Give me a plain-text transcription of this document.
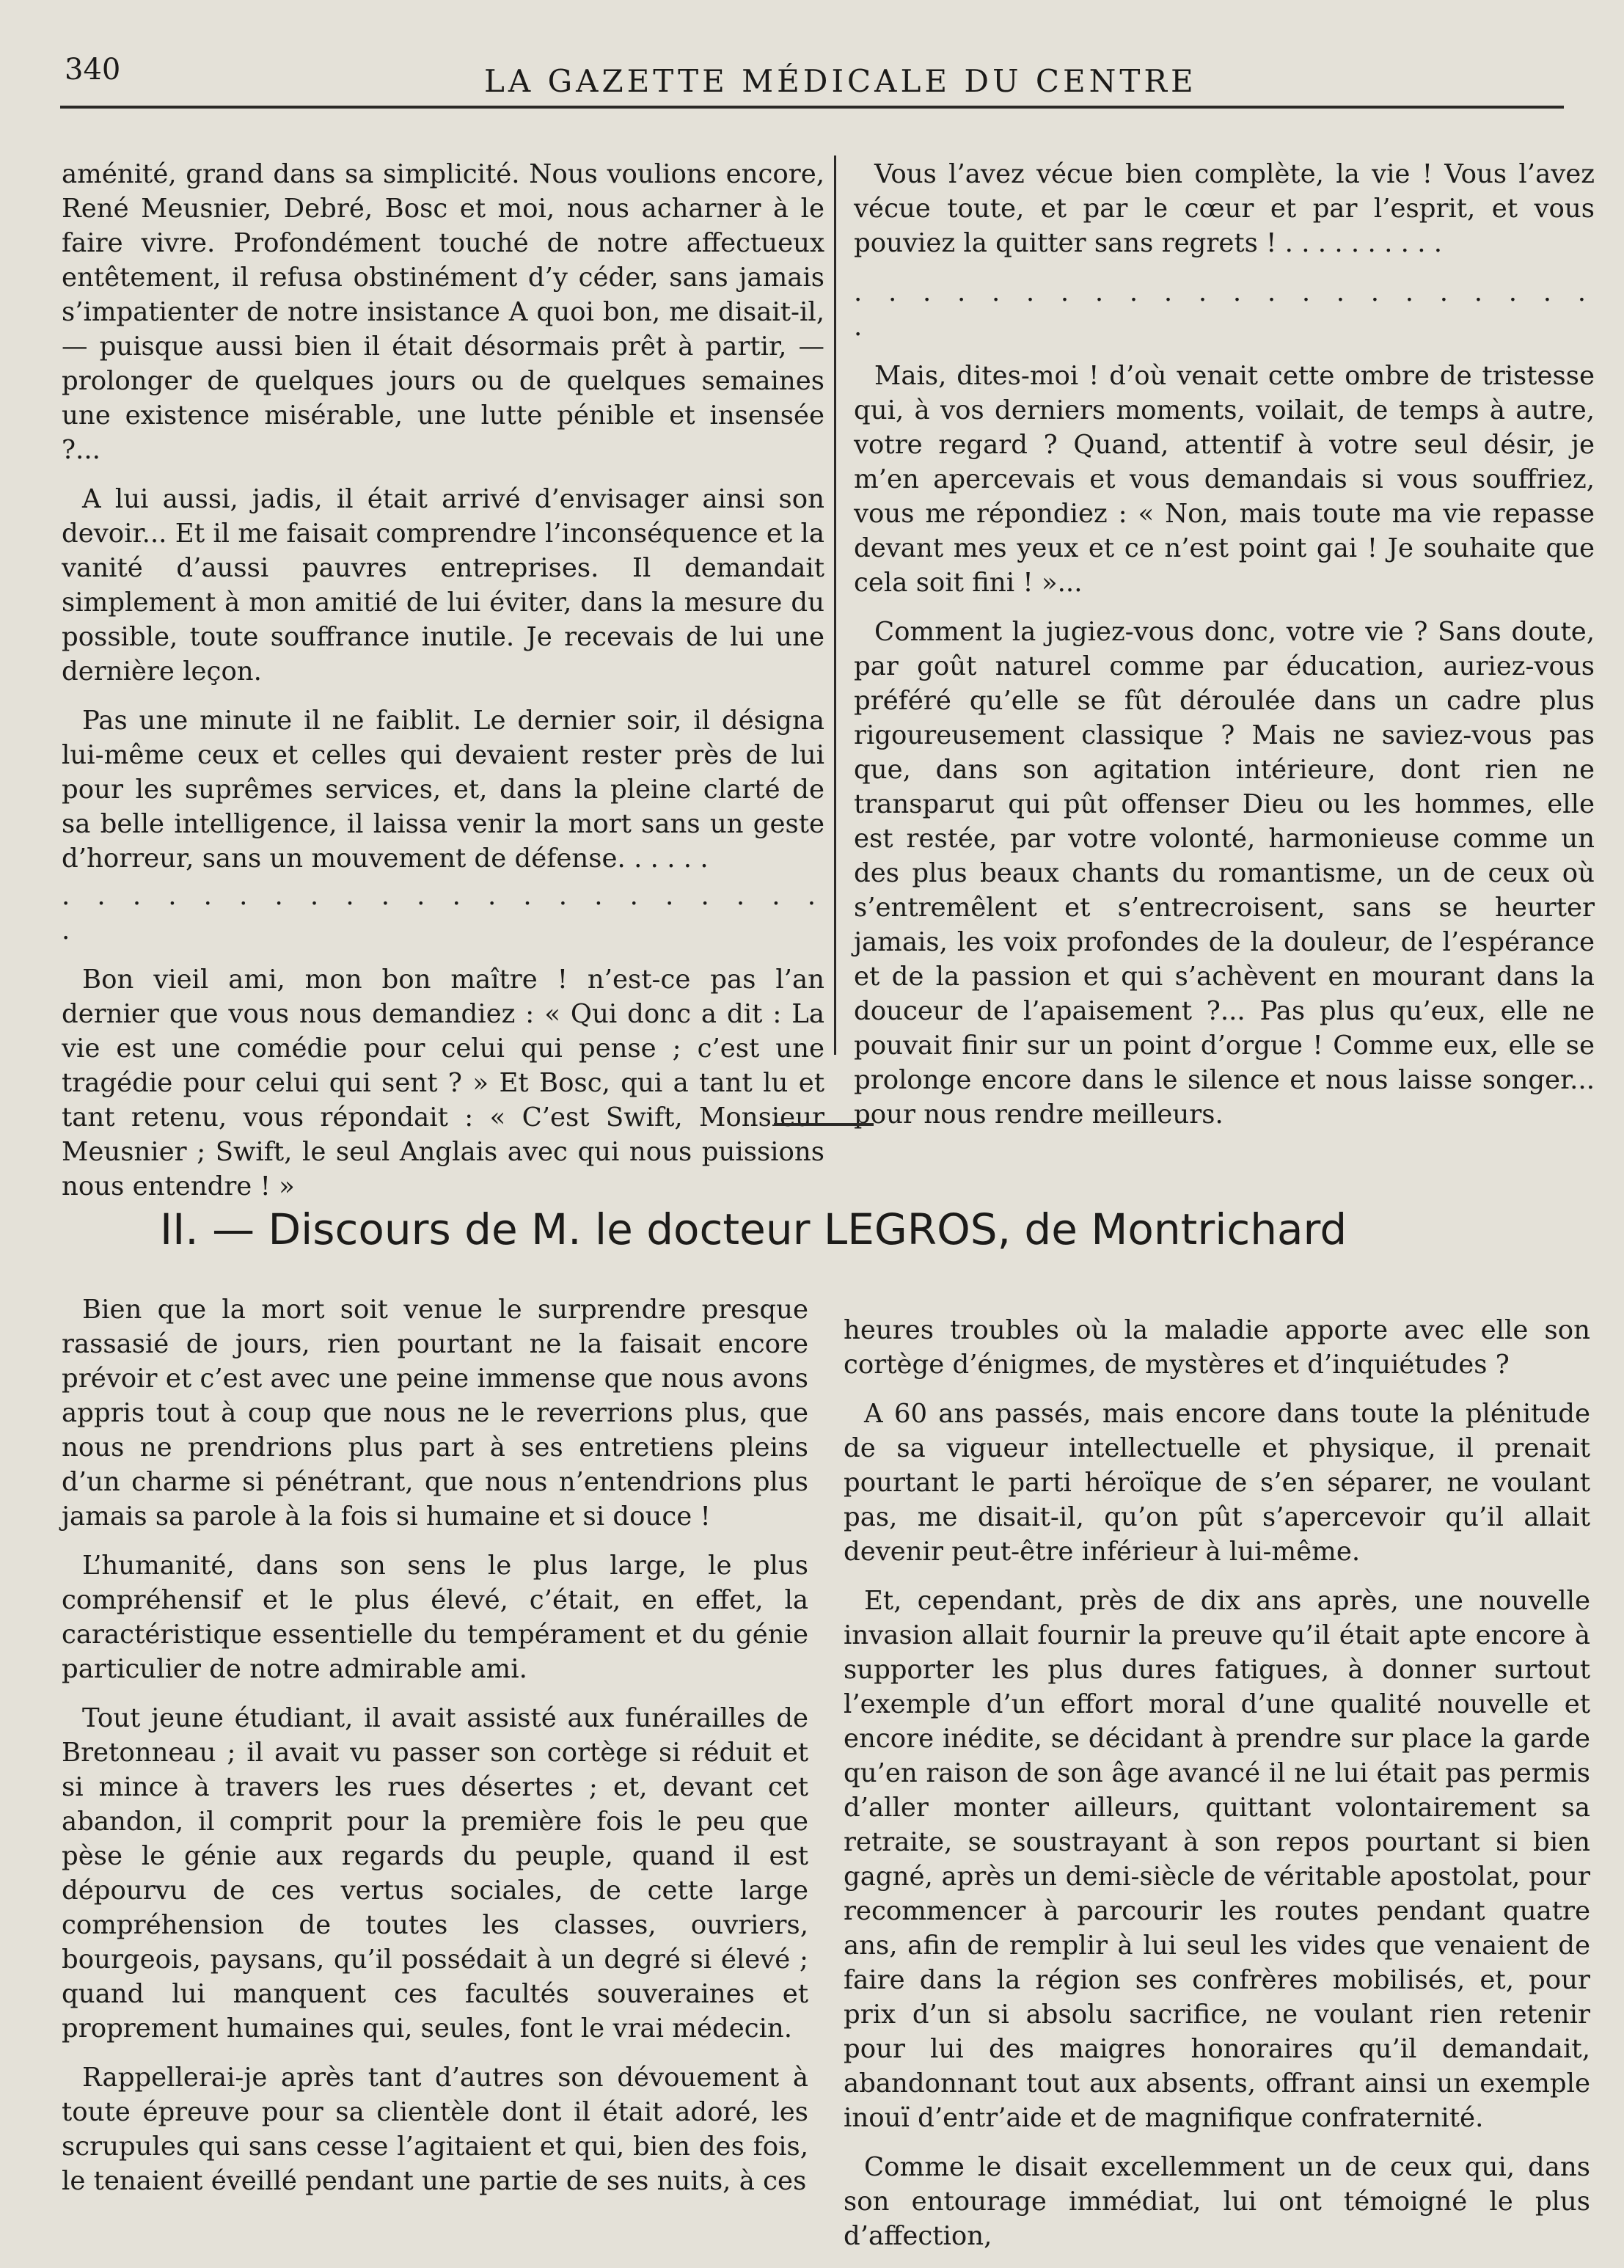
340	LA GAZETTE MÉDICALE DU CENTRE

aménité, grand dans sa simplicité. Nous voulions encore, René Meusnier, Debré, Bosc et moi, nous acharner à le faire vivre. Profondément touché de notre affectueux entêtement, il refusa obstinément d’y céder, sans jamais s’impatienter de notre insistance A quoi bon, me disait-il, — puisque aussi bien il était désormais prêt à partir, — prolonger de quelques jours ou de quelques semaines une existence misérable, une lutte pénible et insensée ?...

A lui aussi, jadis, il était arrivé d’envisager ainsi son devoir... Et il me faisait comprendre l’inconséquence et la vanité d’aussi pauvres entreprises. Il demandait simplement à mon amitié de lui éviter, dans la mesure du possible, toute souffrance inutile. Je recevais de lui une dernière leçon.

Pas une minute il ne faiblit. Le dernier soir, il désigna lui-même ceux et celles qui devaient rester près de lui pour les suprêmes services, et, dans la pleine clarté de sa belle intelligence, il laissa venir la mort sans un geste d’horreur, sans un mouvement de défense. . . . . .

. . . . . . . . . . . . . . . . . . . . . . .

Bon vieil ami, mon bon maître ! n’est-ce pas l’an dernier que vous nous demandiez : « Qui donc a dit : La vie est une comédie pour celui qui pense ; c’est une tragédie pour celui qui sent ? » Et Bosc, qui a tant lu et tant retenu, vous répondait : « C’est Swift, Monsieur Meusnier ; Swift, le seul Anglais avec qui nous puissions nous entendre ! »

Vous l’avez vécue bien complète, la vie ! Vous l’avez vécue toute, et par le cœur et par l’esprit, et vous pouviez la quitter sans regrets ! . . . . . . . . . .

. . . . . . . . . . . . . . . . . . . . . . .

Mais, dites-moi ! d’où venait cette ombre de tristesse qui, à vos derniers moments, voilait, de temps à autre, votre regard ? Quand, attentif à votre seul désir, je m’en apercevais et vous demandais si vous souffriez, vous me répondiez : « Non, mais toute ma vie repasse devant mes yeux et ce n’est point gai ! Je souhaite que cela soit fini ! »...

Comment la jugiez-vous donc, votre vie ? Sans doute, par goût naturel comme par éducation, auriez-vous préféré qu’elle se fût déroulée dans un cadre plus rigoureusement classique ? Mais ne saviez-vous pas que, dans son agitation intérieure, dont rien ne transparut qui pût offenser Dieu ou les hommes, elle est restée, par votre volonté, harmonieuse comme un des plus beaux chants du romantisme, un de ceux où s’entremêlent et s’entrecroisent, sans se heurter jamais, les voix profondes de la douleur, de l’espérance et de la passion et qui s’achèvent en mourant dans la douceur de l’apaisement ?... Pas plus qu’eux, elle ne pouvait finir sur un point d’orgue ! Comme eux, elle se prolonge encore dans le silence et nous laisse songer... pour nous rendre meilleurs.

II. — Discours de M. le docteur LEGROS, de Montrichard

Bien que la mort soit venue le surprendre presque rassasié de jours, rien pourtant ne la faisait encore prévoir et c’est avec une peine immense que nous avons appris tout à coup que nous ne le reverrions plus, que nous ne prendrions plus part à ses entretiens pleins d’un charme si pénétrant, que nous n’entendrions plus jamais sa parole à la fois si humaine et si douce !

L’humanité, dans son sens le plus large, le plus compréhensif et le plus élevé, c’était, en effet, la caractéristique essentielle du tempérament et du génie particulier de notre admirable ami.

Tout jeune étudiant, il avait assisté aux funérailles de Bretonneau ; il avait vu passer son cortège si réduit et si mince à travers les rues désertes ; et, devant cet abandon, il comprit pour la première fois le peu que pèse le génie aux regards du peuple, quand il est dépourvu de ces vertus sociales, de cette large compréhension de toutes les classes, ouvriers, bourgeois, paysans, qu’il possédait à un degré si élevé ; quand lui manquent ces facultés souveraines et proprement humaines qui, seules, font le vrai médecin.

Rappellerai-je après tant d’autres son dévouement à toute épreuve pour sa clientèle dont il était adoré, les scrupules qui sans cesse l’agitaient et qui, bien des fois, le tenaient éveillé pendant une partie de ses nuits, à ces

heures troubles où la maladie apporte avec elle son cortège d’énigmes, de mystères et d’inquiétudes ?

A 60 ans passés, mais encore dans toute la plénitude de sa vigueur intellectuelle et physique, il prenait pourtant le parti héroïque de s’en séparer, ne voulant pas, me disait-il, qu’on pût s’apercevoir qu’il allait devenir peut-être inférieur à lui-même.

Et, cependant, près de dix ans après, une nouvelle invasion allait fournir la preuve qu’il était apte encore à supporter les plus dures fatigues, à donner surtout l’exemple d’un effort moral d’une qualité nouvelle et encore inédite, se décidant à prendre sur place la garde qu’en raison de son âge avancé il ne lui était pas permis d’aller monter ailleurs, quittant volontairement sa retraite, se soustrayant à son repos pourtant si bien gagné, après un demi-siècle de véritable apostolat, pour recommencer à parcourir les routes pendant quatre ans, afin de remplir à lui seul les vides que venaient de faire dans la région ses confrères mobilisés, et, pour prix d’un si absolu sacrifice, ne voulant rien retenir pour lui des maigres honoraires qu’il demandait, abandonnant tout aux absents, offrant ainsi un exemple inouï d’entr’aide et de magnifique confraternité.

Comme le disait excellemment un de ceux qui, dans son entourage immédiat, lui ont témoigné le plus d’affection,
